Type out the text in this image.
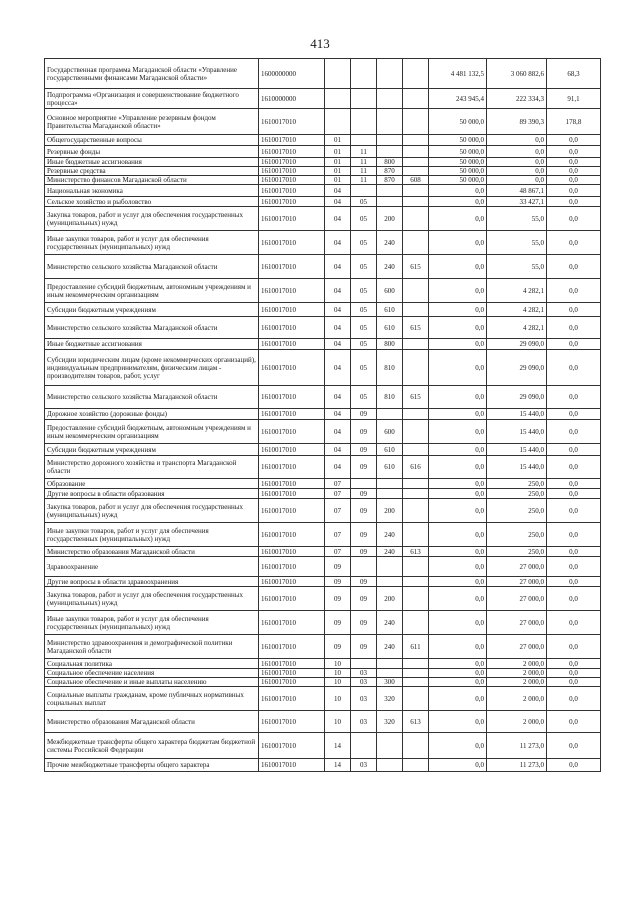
413
Государственная программа Магаданской области «Управление государственными финансами Магаданской области»	1600000000					4 481 132,5	3 060 882,6	68,3
Подпрограмма «Организация и совершенствование бюджетного процесса»	1610000000					243 945,4	222 334,3	91,1
Основное мероприятие «Управление резервным фондом Правительства Магаданской области»	1610017010					50 000,0	89 390,3	178,8
Общегосударственные вопросы	1610017010	01				50 000,0	0,0	0,0
Резервные фонды	1610017010	01	11			50 000,0	0,0	0,0
Иные бюджетные ассигнования	1610017010	01	11	800		50 000,0	0,0	0,0
Резервные средства	1610017010	01	11	870		50 000,0	0,0	0,0
Министерство финансов Магаданской области	1610017010	01	11	870	608	50 000,0	0,0	0,0
Национальная экономика	1610017010	04				0,0	48 867,1	0,0
Сельское хозяйство и рыболовство	1610017010	04	05			0,0	33 427,1	0,0
Закупка товаров, работ и услуг для обеспечения государственных (муниципальных) нужд	1610017010	04	05	200		0,0	55,0	0,0
Иные закупки товаров, работ и услуг для обеспечения государственных (муниципальных) нужд	1610017010	04	05	240		0,0	55,0	0,0
Министерство сельского хозяйства Магаданской области	1610017010	04	05	240	615	0,0	55,0	0,0
Предоставление субсидий бюджетным, автономным учреждениям и иным некоммерческим организациям	1610017010	04	05	600		0,0	4 282,1	0,0
Субсидии бюджетным учреждениям	1610017010	04	05	610		0,0	4 282,1	0,0
Министерство сельского хозяйства Магаданской области	1610017010	04	05	610	615	0,0	4 282,1	0,0
Иные бюджетные ассигнования	1610017010	04	05	800		0,0	29 090,0	0,0
Субсидии юридическим лицам (кроме некоммерческих организаций), индивидуальным предпринимателям, физическим лицам - производителям товаров, работ, услуг	1610017010	04	05	810		0,0	29 090,0	0,0
Министерство сельского хозяйства Магаданской области	1610017010	04	05	810	615	0,0	29 090,0	0,0
Дорожное хозяйство (дорожные фонды)	1610017010	04	09			0,0	15 440,0	0,0
Предоставление субсидий бюджетным, автономным учреждениям и иным некоммерческим организациям	1610017010	04	09	600		0,0	15 440,0	0,0
Субсидии бюджетным учреждениям	1610017010	04	09	610		0,0	15 440,0	0,0
Министерство дорожного хозяйства и транспорта Магаданской области	1610017010	04	09	610	616	0,0	15 440,0	0,0
Образование	1610017010	07				0,0	250,0	0,0
Другие вопросы в области образования	1610017010	07	09			0,0	250,0	0,0
Закупка товаров, работ и услуг для обеспечения государственных (муниципальных) нужд	1610017010	07	09	200		0,0	250,0	0,0
Иные закупки товаров, работ и услуг для обеспечения государственных (муниципальных) нужд	1610017010	07	09	240		0,0	250,0	0,0
Министерство образования Магаданской области	1610017010	07	09	240	613	0,0	250,0	0,0
Здравоохранение	1610017010	09				0,0	27 000,0	0,0
Другие вопросы в области здравоохранения	1610017010	09	09			0,0	27 000,0	0,0
Закупка товаров, работ и услуг для обеспечения государственных (муниципальных) нужд	1610017010	09	09	200		0,0	27 000,0	0,0
Иные закупки товаров, работ и услуг для обеспечения государственных (муниципальных) нужд	1610017010	09	09	240		0,0	27 000,0	0,0
Министерство здравоохранения и демографической политики Магаданской области	1610017010	09	09	240	611	0,0	27 000,0	0,0
Социальная политика	1610017010	10				0,0	2 000,0	0,0
Социальное обеспечение населения	1610017010	10	03			0,0	2 000,0	0,0
Социальное обеспечение и иные выплаты населению	1610017010	10	03	300		0,0	2 000,0	0,0
Социальные выплаты гражданам, кроме публичных нормативных социальных выплат	1610017010	10	03	320		0,0	2 000,0	0,0
Министерство образования Магаданской области	1610017010	10	03	320	613	0,0	2 000,0	0,0
Межбюджетные трансферты общего характера бюджетам бюджетной системы Российской Федерации	1610017010	14				0,0	11 273,0	0,0
Прочие межбюджетные трансферты общего характера	1610017010	14	03			0,0	11 273,0	0,0
